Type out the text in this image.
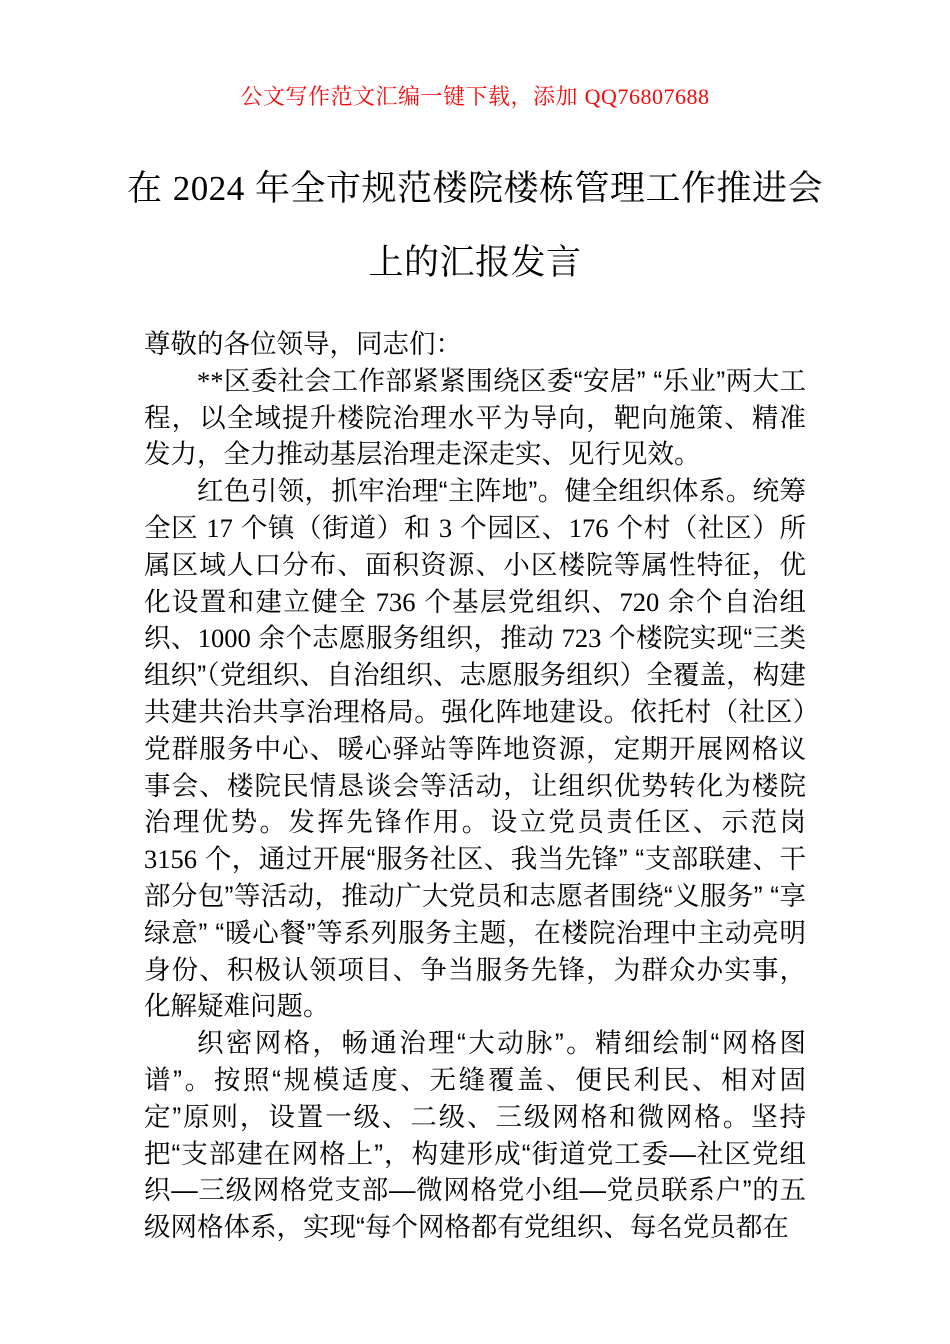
公文写作范文汇编一键下载，添加 QQ76807688
在 2024 年全市规范楼院楼栋管理工作推进会上的汇报发言

尊敬的各位领导，同志们：

**区委社会工作部紧紧围绕区委“安居” “乐业”两大工程，以全域提升楼院治理水平为导向，靶向施策、精准发力，全力推动基层治理走深走实、见行见效。

红色引领，抓牢治理“主阵地”。健全组织体系。统筹全区 17 个镇（街道）和 3 个园区、176 个村（社区）所属区域人口分布、面积资源、小区楼院等属性特征，优化设置和建立健全 736 个基层党组织、720 余个自治组织、1000 余个志愿服务组织，推动 723 个楼院实现“三类组织”（党组织、自治组织、志愿服务组织）全覆盖，构建共建共治共享治理格局。强化阵地建设。依托村（社区）党群服务中心、暖心驿站等阵地资源，定期开展网格议事会、楼院民情恳谈会等活动，让组织优势转化为楼院治理优势。发挥先锋作用。设立党员责任区、示范岗 3156 个，通过开展“服务社区、我当先锋” “支部联建、干部分包”等活动，推动广大党员和志愿者围绕“义服务” “享绿意” “暖心餐”等系列服务主题，在楼院治理中主动亮明身份、积极认领项目、争当服务先锋，为群众办实事，化解疑难问题。

织密网格，畅通治理“大动脉”。精细绘制“网格图谱”。按照“规模适度、无缝覆盖、便民利民、相对固定”原则，设置一级、二级、三级网格和微网格。坚持把“支部建在网格上”，构建形成“街道党工委—社区党组织—三级网格党支部—微网格党小组—党员联系户”的五级网格体系，实现“每个网格都有党组织、每名党员都在
